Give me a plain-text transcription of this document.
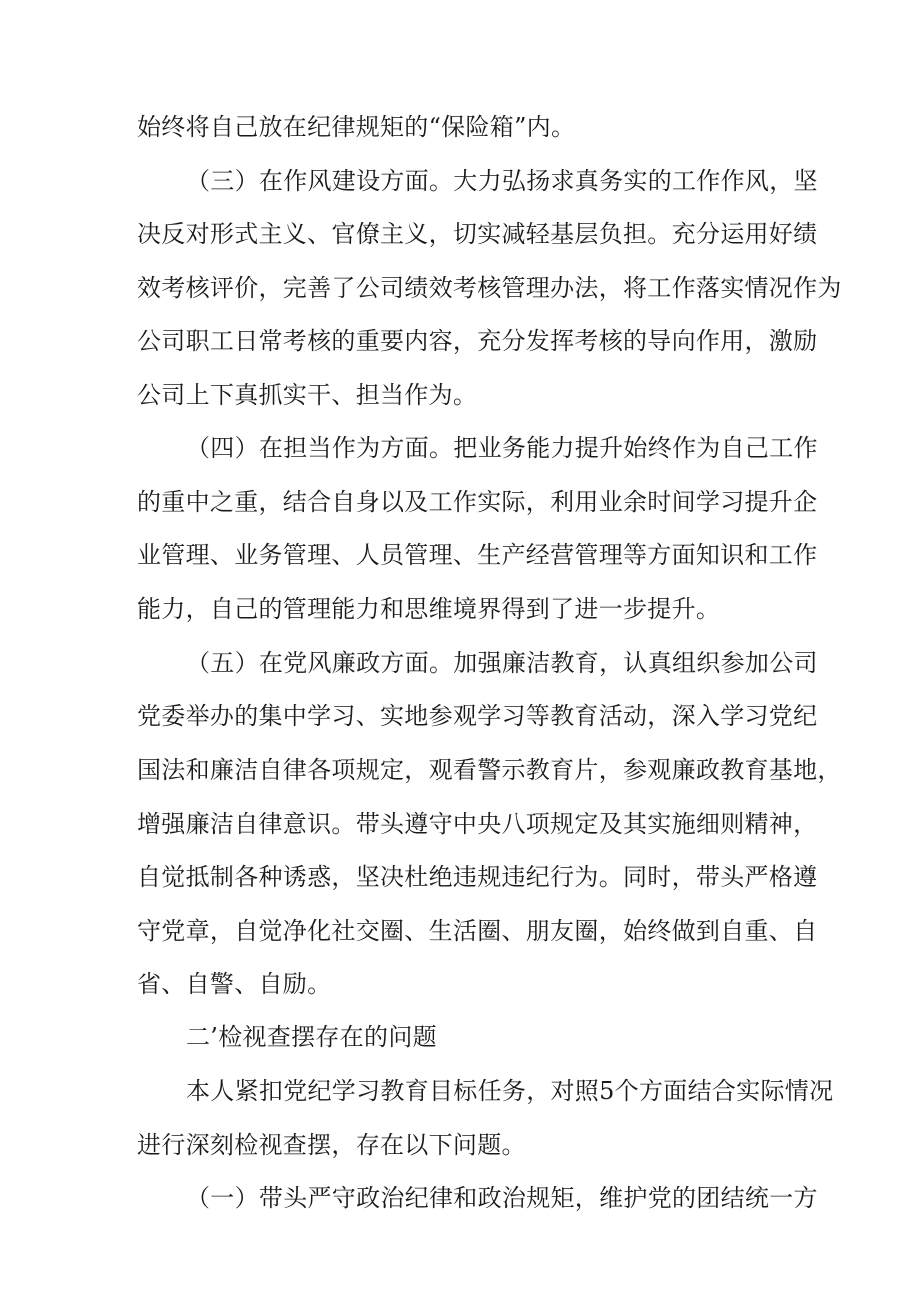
始终将自己放在纪律规矩的“保险箱”内。
（三）在作风建设方面。大力弘扬求真务实的工作作风，坚
决反对形式主义、官僚主义，切实减轻基层负担。充分运用好绩
效考核评价，完善了公司绩效考核管理办法，将工作落实情况作为
公司职工日常考核的重要内容，充分发挥考核的导向作用，激励
公司上下真抓实干、担当作为。
（四）在担当作为方面。把业务能力提升始终作为自己工作
的重中之重，结合自身以及工作实际，利用业余时间学习提升企
业管理、业务管理、人员管理、生产经营管理等方面知识和工作
能力，自己的管理能力和思维境界得到了进一步提升。
（五）在党风廉政方面。加强廉洁教育，认真组织参加公司
党委举办的集中学习、实地参观学习等教育活动，深入学习党纪
国法和廉洁自律各项规定，观看警示教育片，参观廉政教育基地，
增强廉洁自律意识。带头遵守中央八项规定及其实施细则精神，
自觉抵制各种诱惑，坚决杜绝违规违纪行为。同时，带头严格遵
守党章，自觉净化社交圈、生活圈、朋友圈，始终做到自重、自
省、自警、自励。
二’检视查摆存在的问题
本人紧扣党纪学习教育目标任务，对照5个方面结合实际情况
进行深刻检视查摆，存在以下问题。
（一）带头严守政治纪律和政治规矩，维护党的团结统一方
